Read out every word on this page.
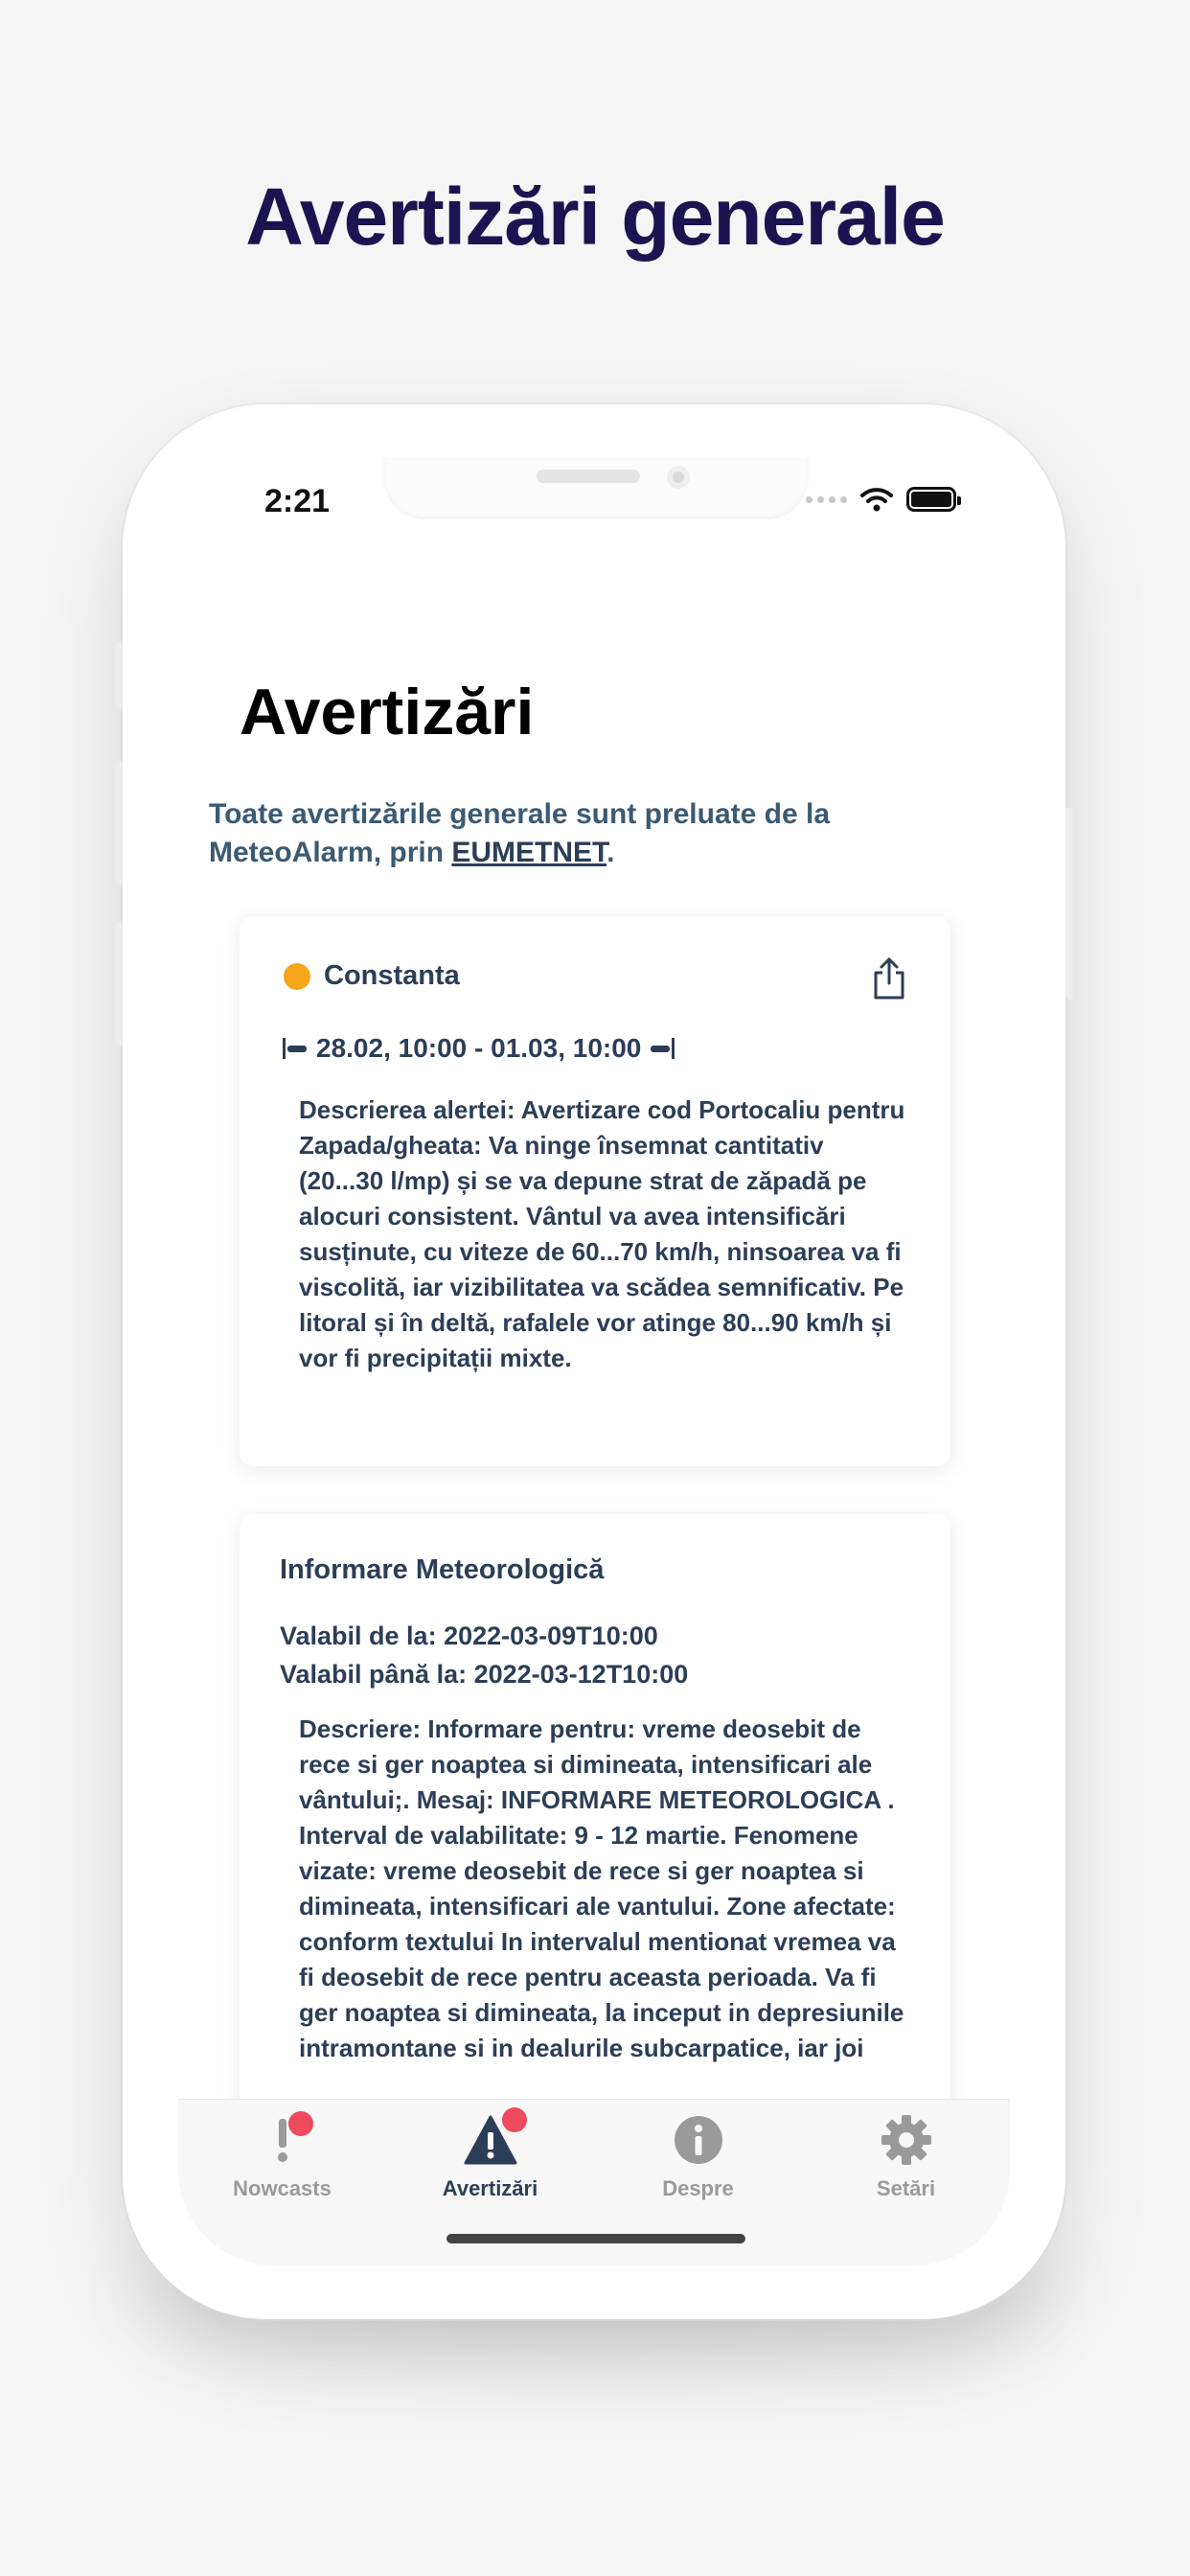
Avertizări generale
2:21
Avertizări
Toate avertizările generale sunt preluate de la MeteoAlarm, prin EUMETNET.
Constanta
28.02, 10:00 - 01.03, 10:00
Descrierea alertei: Avertizare cod Portocaliu pentru Zapada/gheata: Va ninge însemnat cantitativ (20...30 l/mp) și se va depune strat de zăpadă pe alocuri consistent. Vântul va avea intensificări susținute, cu viteze de 60...70 km/h, ninsoarea va fi viscolită, iar vizibilitatea va scădea semnificativ. Pe litoral și în deltă, rafalele vor atinge 80...90 km/h și vor fi precipitații mixte.
Informare Meteorologică
Valabil de la: 2022-03-09T10:00
Valabil până la: 2022-03-12T10:00
Descriere: Informare pentru: vreme deosebit de rece si ger noaptea si dimineata, intensificari ale vântului;. Mesaj: INFORMARE METEOROLOGICA . Interval de valabilitate: 9 - 12 martie. Fenomene vizate: vreme deosebit de rece si ger noaptea si dimineata, intensificari ale vantului. Zone afectate: conform textului In intervalul mentionat vremea va fi deosebit de rece pentru aceasta perioada. Va fi ger noaptea si dimineata, la inceput in depresiunile intramontane si in dealurile subcarpatice, iar joi
Nowcasts	Avertizări	Despre	Setări
